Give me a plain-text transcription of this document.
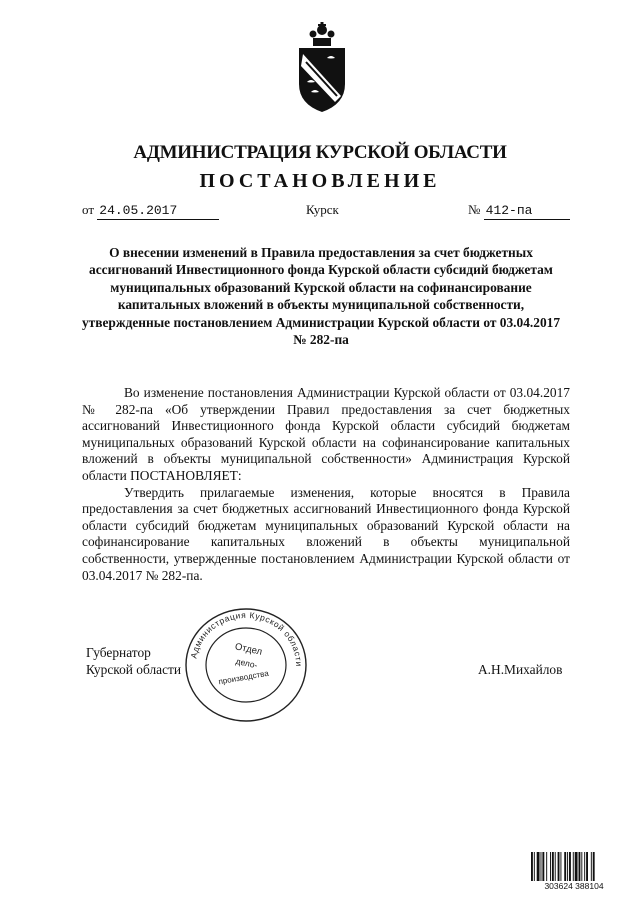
АДМИНИСТРАЦИЯ КУРСКОЙ ОБЛАСТИ
ПОСТАНОВЛЕНИЕ
от 24.05.2017	Курск	№ 412-па
О внесении изменений в Правила предоставления за счет бюджетных ассигнований Инвестиционного фонда Курской области субсидий бюджетам муниципальных образований Курской области на софинансирование капитальных вложений в объекты муниципальной собственности, утвержденные постановлением Администрации Курской области от 03.04.2017 № 282-па

Во изменение постановления Администрации Курской области от 03.04.2017 № 282-па «Об утверждении Правил предоставления за счет бюджетных ассигнований Инвестиционного фонда Курской области субсидий бюджетам муниципальных образований Курской области на софинансирование капитальных вложений в объекты муниципальной собственности» Администрация Курской области ПОСТАНОВЛЯЕТ:

Утвердить прилагаемые изменения, которые вносятся в Правила предоставления за счет бюджетных ассигнований Инвестиционного фонда Курской области субсидий бюджетам муниципальных образований Курской области на софинансирование капитальных вложений в объекты муниципальной собственности, утвержденные постановлением Администрации Курской области от 03.04.2017 № 282-па.

Губернатор
Курской области	А.Н.Михайлов
Администрация Курской области
Отдел
дело-
производства
303624 388104
